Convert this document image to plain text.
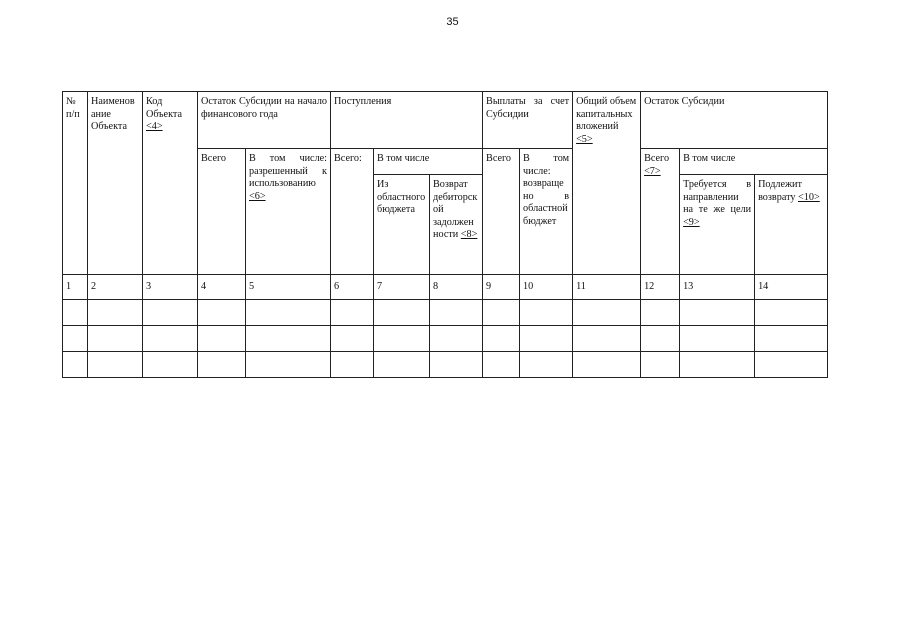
35
№ п/п	Наименование Объекта	Код Объекта <4>	Остаток Субсидии на начало финансового года		Поступления			Выплаты за счет Субсидии		Общий объем капитальных вложений <5>	Остаток Субсидии		
			Всего	В том числе: разрешенный к использованию <6>	Всего:	В том числе		Всего	В том числе: возвращено в областной бюджет		Всего <7>	В том числе	
						Из областного бюджета	Возврат дебиторской задолженности <8>					Требуется в направлении на те же цели <9>	Подлежит возврату <10>
1	2	3	4	5	6	7	8	9	10	11	12	13	14
